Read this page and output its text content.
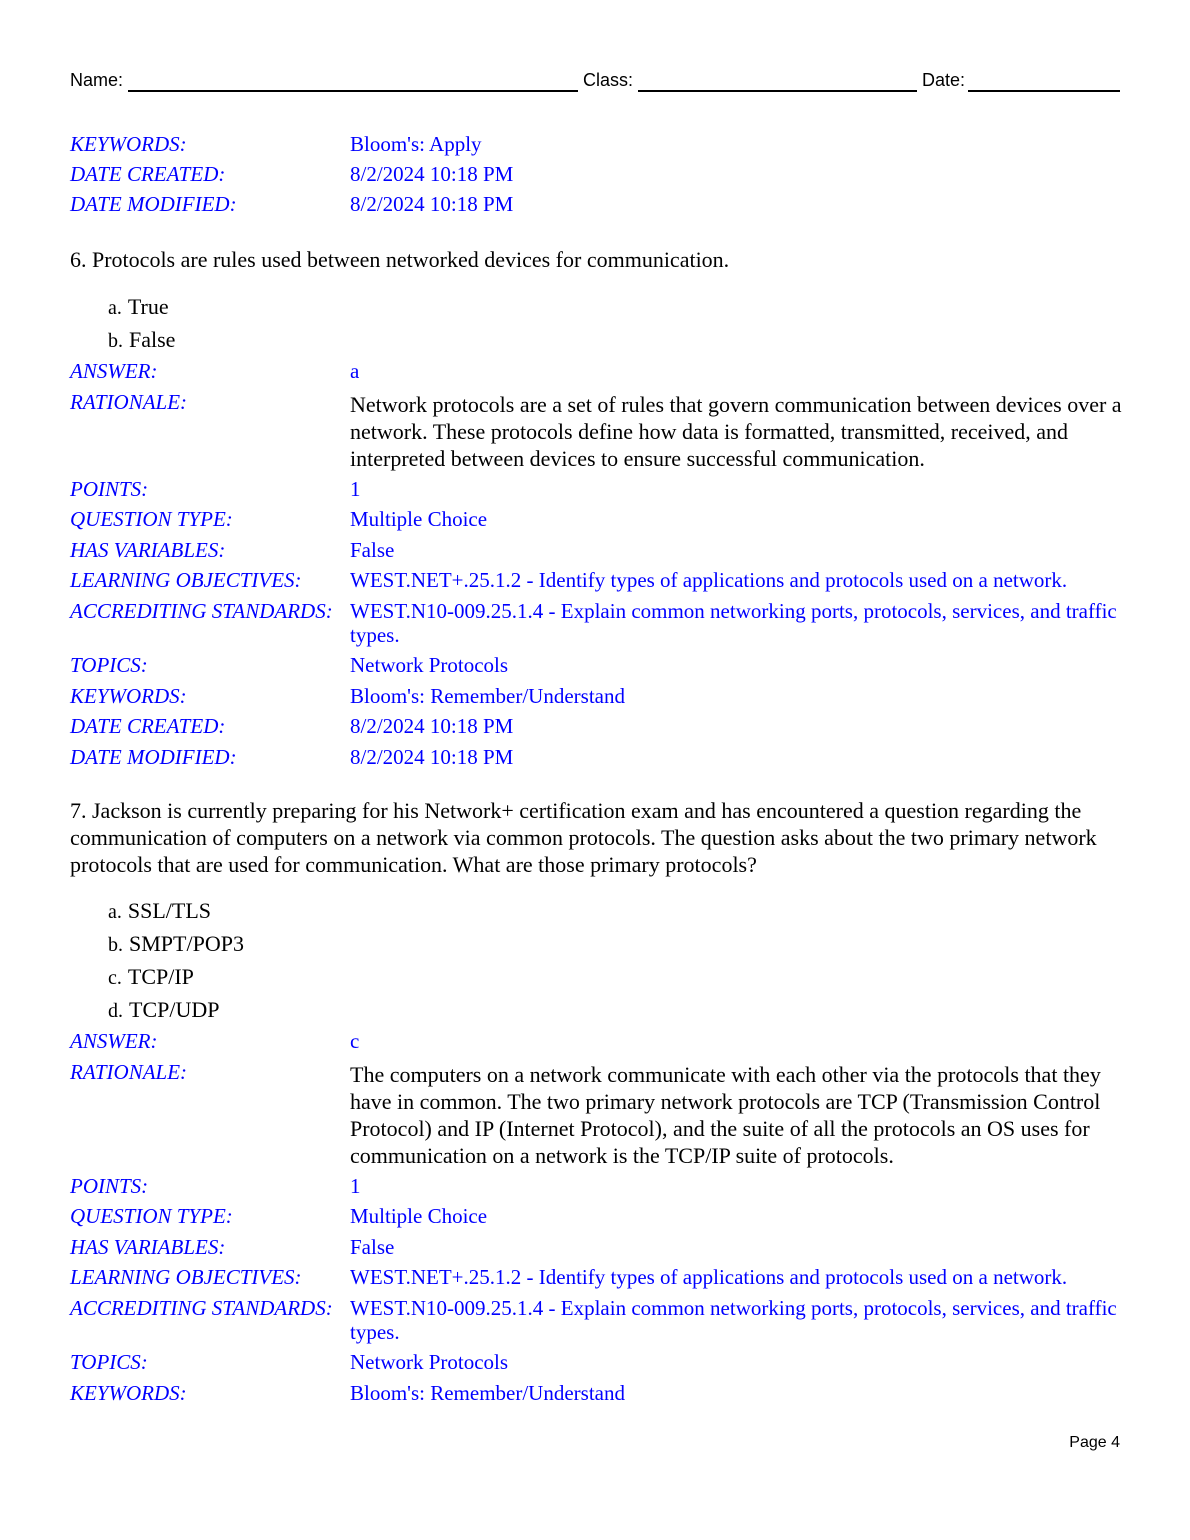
Name:	Class:	Date:
KEYWORDS:	Bloom's: Apply
DATE CREATED:	8/2/2024 10:18 PM
DATE MODIFIED:	8/2/2024 10:18 PM
6. Protocols are rules used between networked devices for communication.
a. True
b. False
ANSWER:	a
RATIONALE:	Network protocols are a set of rules that govern communication between devices over a network. These protocols define how data is formatted, transmitted, received, and interpreted between devices to ensure successful communication.
POINTS:	1
QUESTION TYPE:	Multiple Choice
HAS VARIABLES:	False
LEARNING OBJECTIVES: WEST.NET+.25.1.2 - Identify types of applications and protocols used on a network.
ACCREDITING STANDARDS: WEST.N10-009.25.1.4 - Explain common networking ports, protocols, services, and traffic types.
TOPICS:	Network Protocols
KEYWORDS:	Bloom's: Remember/Understand
DATE CREATED:	8/2/2024 10:18 PM
DATE MODIFIED:	8/2/2024 10:18 PM
7. Jackson is currently preparing for his Network+ certification exam and has encountered a question regarding the communication of computers on a network via common protocols. The question asks about the two primary network protocols that are used for communication. What are those primary protocols?
a. SSL/TLS
b. SMPT/POP3
c. TCP/IP
d. TCP/UDP
ANSWER:	c
RATIONALE:	The computers on a network communicate with each other via the protocols that they have in common. The two primary network protocols are TCP (Transmission Control Protocol) and IP (Internet Protocol), and the suite of all the protocols an OS uses for communication on a network is the TCP/IP suite of protocols.
POINTS:	1
QUESTION TYPE:	Multiple Choice
HAS VARIABLES:	False
LEARNING OBJECTIVES: WEST.NET+.25.1.2 - Identify types of applications and protocols used on a network.
ACCREDITING STANDARDS: WEST.N10-009.25.1.4 - Explain common networking ports, protocols, services, and traffic types.
TOPICS:	Network Protocols
KEYWORDS:	Bloom's: Remember/Understand
Page 4
